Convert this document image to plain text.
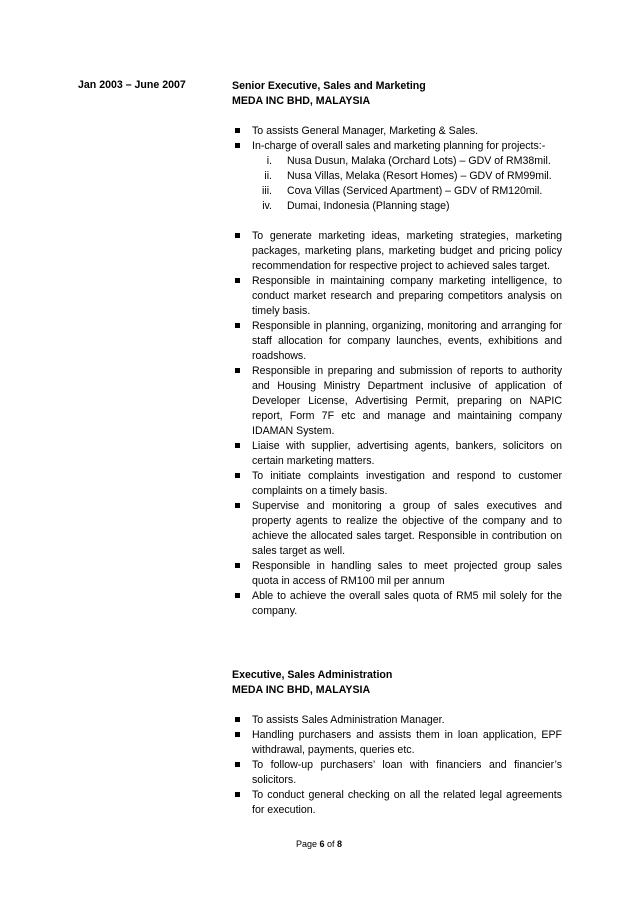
Jan 2003 – June 2007	Senior Executive, Sales and Marketing
MEDA INC BHD, MALAYSIA
To assists General Manager, Marketing & Sales.
In-charge of overall sales and marketing planning for projects:-
i. Nusa Dusun, Malaka (Orchard Lots) – GDV of RM38mil.
ii. Nusa Villas, Melaka (Resort Homes) – GDV of RM99mil.
iii. Cova Villas (Serviced Apartment) – GDV of RM120mil.
iv. Dumai, Indonesia (Planning stage)
To generate marketing ideas, marketing strategies, marketing packages, marketing plans, marketing budget and pricing policy recommendation for respective project to achieved sales target.
Responsible in maintaining company marketing intelligence, to conduct market research and preparing competitors analysis on timely basis.
Responsible in planning, organizing, monitoring and arranging for staff allocation for company launches, events, exhibitions and roadshows.
Responsible in preparing and submission of reports to authority and Housing Ministry Department inclusive of application of Developer License, Advertising Permit, preparing on NAPIC report, Form 7F etc and manage and maintaining company IDAMAN System.
Liaise with supplier, advertising agents, bankers, solicitors on certain marketing matters.
To initiate complaints investigation and respond to customer complaints on a timely basis.
Supervise and monitoring a group of sales executives and property agents to realize the objective of the company and to achieve the allocated sales target. Responsible in contribution on sales target as well.
Responsible in handling sales to meet projected group sales quota in access of RM100 mil per annum
Able to achieve the overall sales quota of RM5 mil solely for the company.
Executive, Sales Administration
MEDA INC BHD, MALAYSIA
To assists Sales Administration Manager.
Handling purchasers and assists them in loan application, EPF withdrawal, payments, queries etc.
To follow-up purchasers’ loan with financiers and financier’s solicitors.
To conduct general checking on all the related legal agreements for execution.
Page 6 of 8
